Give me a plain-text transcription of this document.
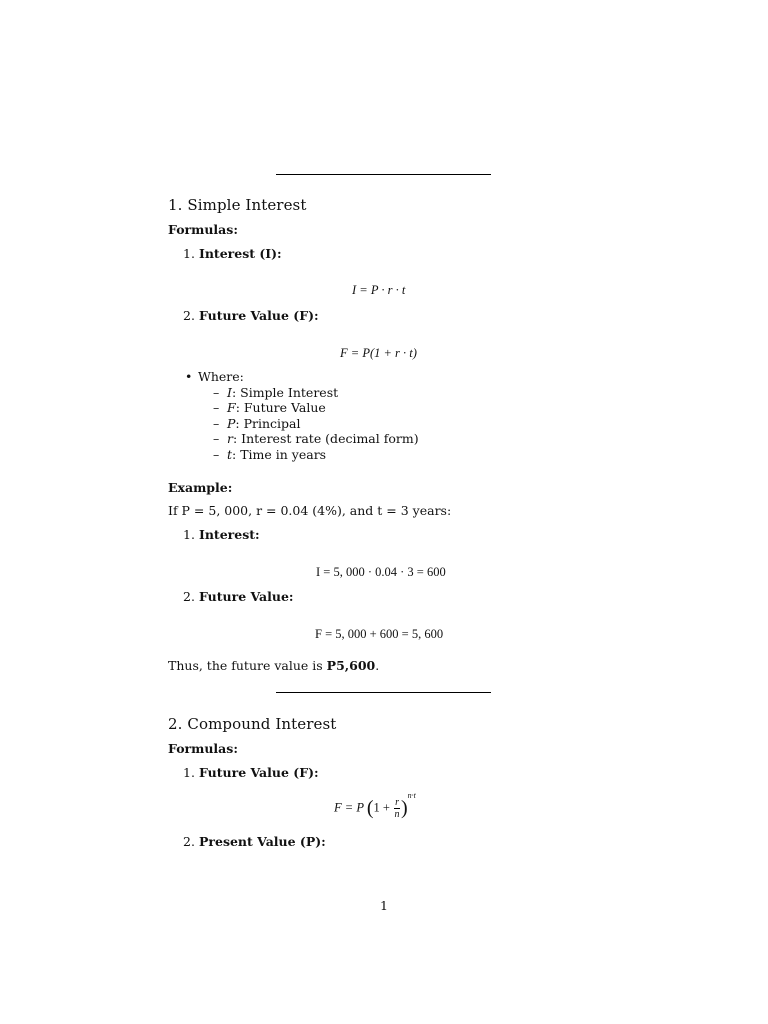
1. Simple Interest
Formulas:
1. Interest (I):
I = P · r · t
2. Future Value (F):
F = P(1 + r · t)
• Where:
– I: Simple Interest
– F: Future Value
– P: Principal
– r: Interest rate (decimal form)
– t: Time in years
Example:
If P = 5, 000, r = 0.04 (4%), and t = 3 years:
1. Interest:
I = 5, 000 · 0.04 · 3 = 600
2. Future Value:
F = 5, 000 + 600 = 5, 600
Thus, the future value is P5,600.
2. Compound Interest
Formulas:
1. Future Value (F):
F = P $(1 + \frac{r}{n} )^{n\cdot t}$
2. Present Value (P):
1
